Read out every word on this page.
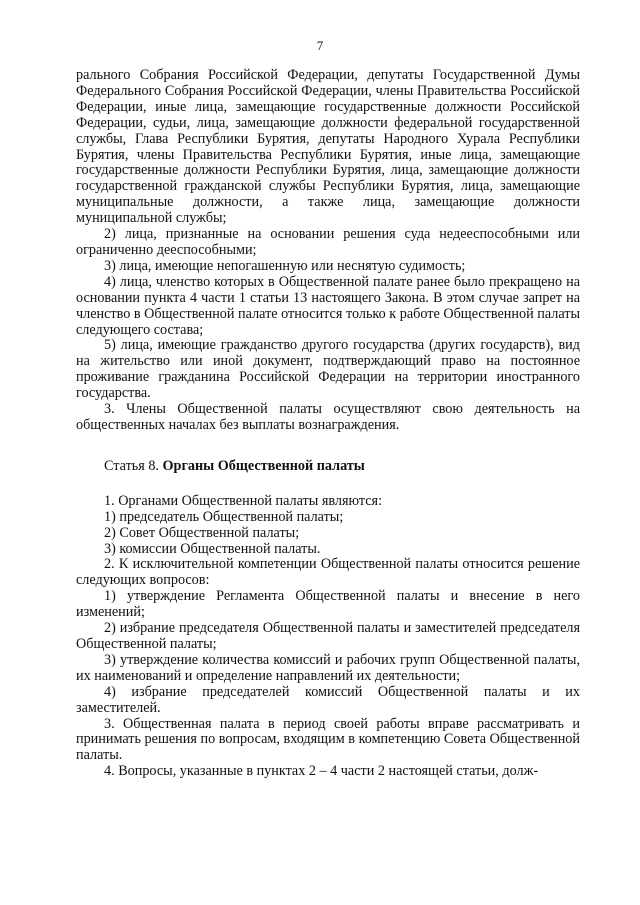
7

рального Собрания Российской Федерации, депутаты Государственной Думы Федерального Собрания Российской Федерации, члены Правительства Российской Федерации, иные лица, замещающие государственные должности Российской Федерации, судьи, лица, замещающие должности федеральной государственной службы, Глава Республики Бурятия, депутаты Народного Хурала Республики Бурятия, члены Правительства Республики Бурятия, иные лица, замещающие государственные должности Республики Бурятия, лица, замещающие должности государственной гражданской службы Республики Бурятия, лица, замещающие муниципальные должности, а также лица, замещающие должности муниципальной службы;

2) лица, признанные на основании решения суда недееспособными или ограниченно дееспособными;

3) лица, имеющие непогашенную или неснятую судимость;

4) лица, членство которых в Общественной палате ранее было прекращено на основании пункта 4 части 1 статьи 13 настоящего Закона. В этом случае запрет на членство в Общественной палате относится только к работе Общественной палаты следующего состава;

5) лица, имеющие гражданство другого государства (других государств), вид на жительство или иной документ, подтверждающий право на постоянное проживание гражданина Российской Федерации на территории иностранного государства.

3. Члены Общественной палаты осуществляют свою деятельность на общественных началах без выплаты вознаграждения.

Статья 8. Органы Общественной палаты

1. Органами Общественной палаты являются:

1) председатель Общественной палаты;

2) Совет Общественной палаты;

3) комиссии Общественной палаты.

2. К исключительной компетенции Общественной палаты относится решение следующих вопросов:

1) утверждение Регламента Общественной палаты и внесение в него изменений;

2) избрание председателя Общественной палаты и заместителей председателя Общественной палаты;

3) утверждение количества комиссий и рабочих групп Общественной палаты, их наименований и определение направлений их деятельности;

4) избрание председателей комиссий Общественной палаты и их заместителей.

3. Общественная палата в период своей работы вправе рассматривать и принимать решения по вопросам, входящим в компетенцию Совета Общественной палаты.

4. Вопросы, указанные в пунктах 2 – 4 части 2 настоящей статьи, долж-
